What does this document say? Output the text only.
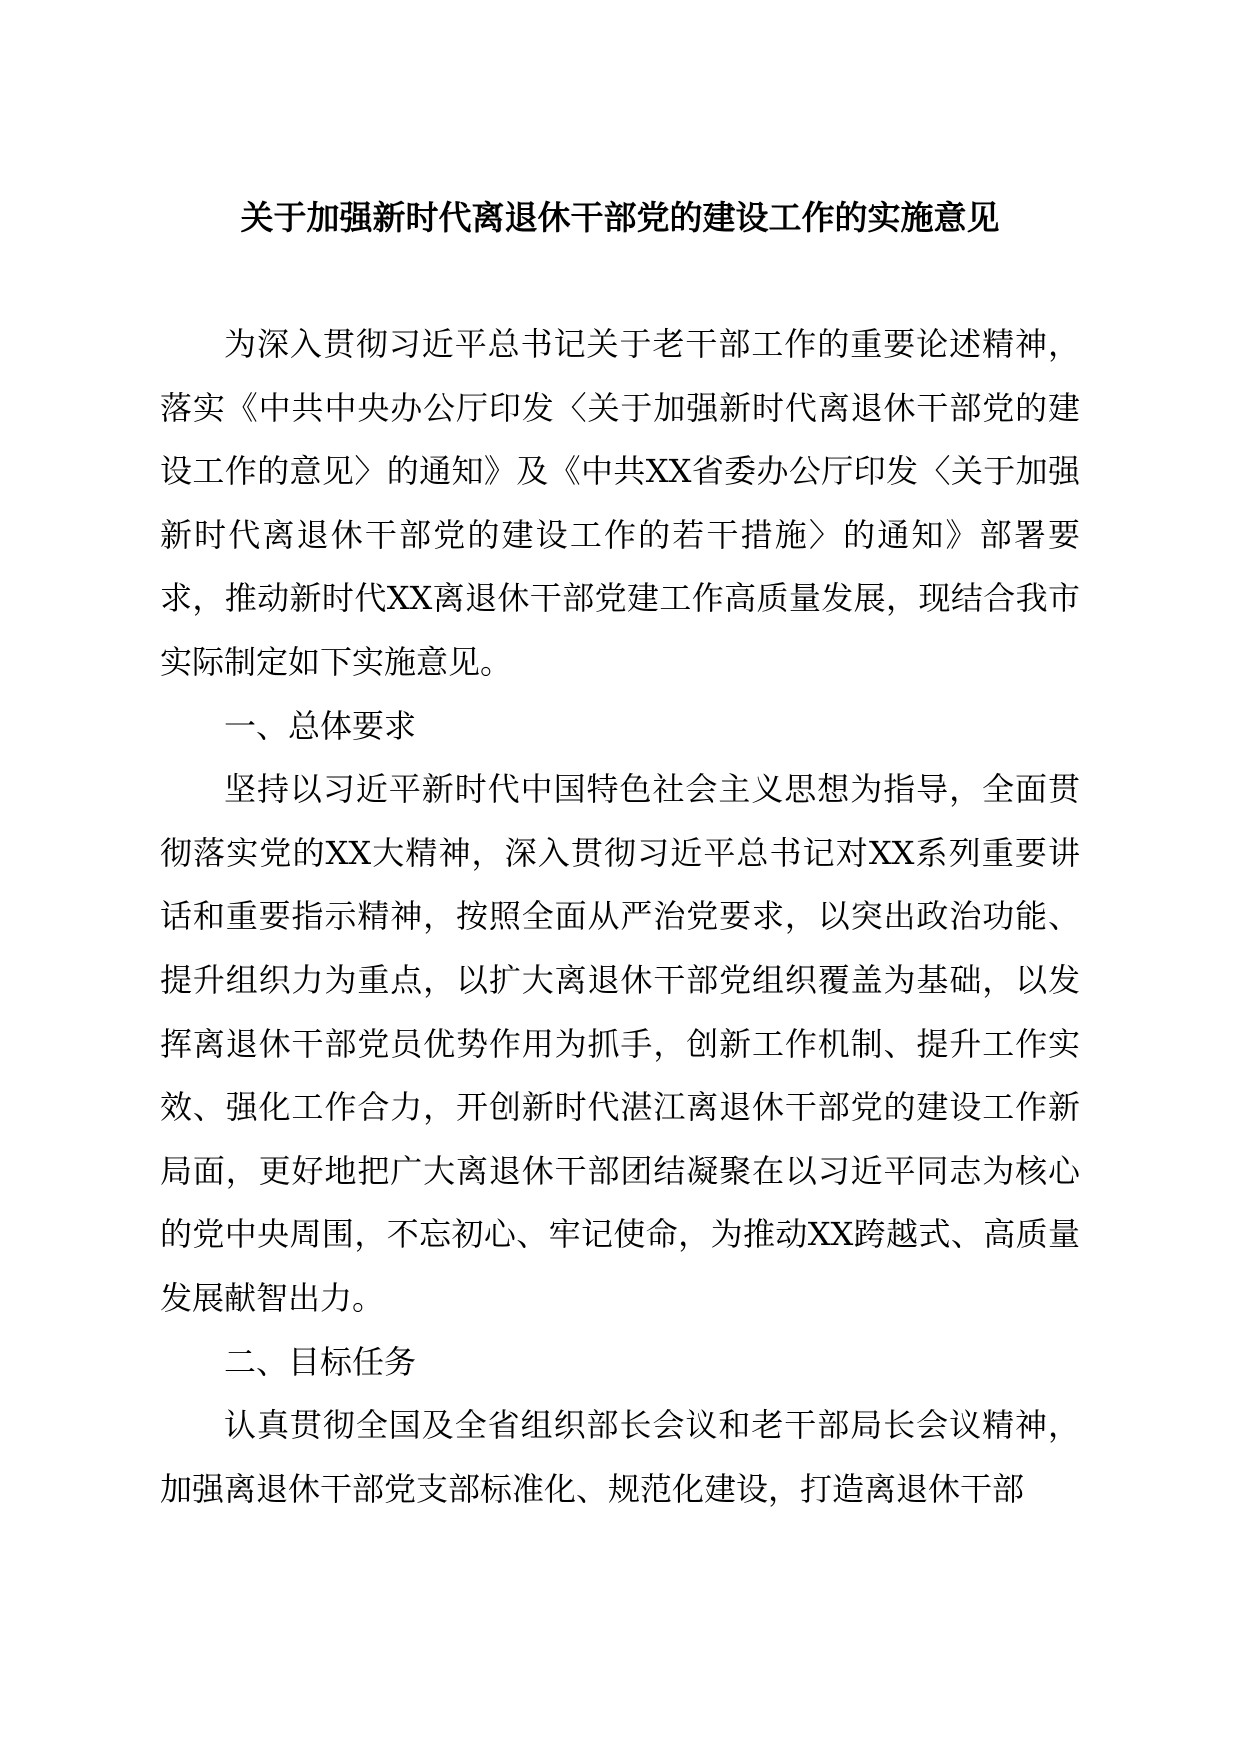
关于加强新时代离退休干部党的建设工作的实施意见

为深入贯彻习近平总书记关于老干部工作的重要论述精神，落实《中共中央办公厅印发〈关于加强新时代离退休干部党的建设工作的意见〉的通知》及《中共XX省委办公厅印发〈关于加强新时代离退休干部党的建设工作的若干措施〉的通知》部署要求，推动新时代XX离退休干部党建工作高质量发展，现结合我市实际制定如下实施意见。

一、总体要求

坚持以习近平新时代中国特色社会主义思想为指导，全面贯彻落实党的XX大精神，深入贯彻习近平总书记对XX系列重要讲话和重要指示精神，按照全面从严治党要求，以突出政治功能、提升组织力为重点，以扩大离退休干部党组织覆盖为基础，以发挥离退休干部党员优势作用为抓手，创新工作机制、提升工作实效、强化工作合力，开创新时代湛江离退休干部党的建设工作新局面，更好地把广大离退休干部团结凝聚在以习近平同志为核心的党中央周围，不忘初心、牢记使命，为推动XX跨越式、高质量发展献智出力。

二、目标任务

认真贯彻全国及全省组织部长会议和老干部局长会议精神，加强离退休干部党支部标准化、规范化建设，打造离退休干部
